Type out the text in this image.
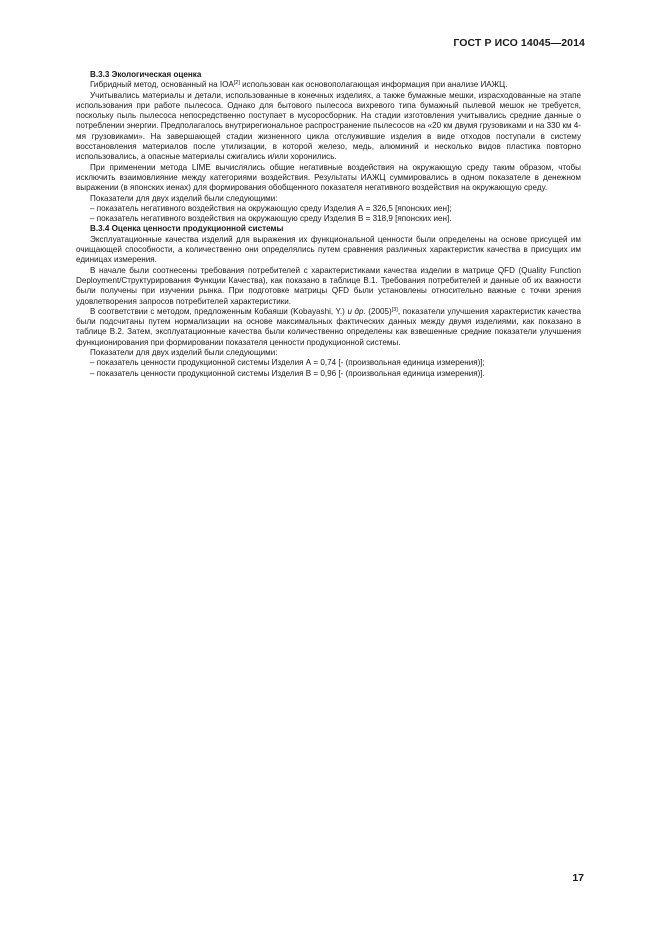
ГОСТ Р ИСО 14045—2014

В.3.3 Экологическая оценка

Гибридный метод, основанный на IOA[2] использован как основополагающая информация при анализе ИАЖЦ.

Учитывались материалы и детали, использованные в конечных изделиях, а также бумажные мешки, израсходованные на этапе использования при работе пылесоса. Однако для бытового пылесоса вихревого типа бумажный пылевой мешок не требуется, поскольку пыль пылесоса непосредственно поступает в мусоросборник. На стадии изготовления учитывались средние данные о потреблении энергии. Предполагалось внутрирегиональное распространение пылесосов на «20 км двумя грузовиками и на 330 км 4-мя грузовиками». На завершающей стадии жизненного цикла отслужившие изделия в виде отходов поступали в систему восстановления материалов после утилизации, в которой железо, медь, алюминий и несколько видов пластика повторно использовались, а опасные материалы сжигались и/или хоронились.

При применении метода LIME вычислялись общие негативные воздействия на окружающую среду таким образом, чтобы исключить взаимовлияние между категориями воздействия. Результаты ИАЖЦ суммировались в одном показателе в денежном выражении (в японских иенах) для формирования обобщенного показателя негативного воздействия на окружающую среду.

Показатели для двух изделий были следующими:

– показатель негативного воздействия на окружающую среду Изделия А = 326,5 [японских иен];

– показатель негативного воздействия на окружающую среду Изделия В = 318,9 [японских иен].

В.3.4 Оценка ценности продукционной системы

Эксплуатационные качества изделий для выражения их функциональной ценности были определены на основе присущей им очищающей способности, а количественно они определялись путем сравнения различных характеристик качества в присущих им единицах измерения.

В начале были соотнесены требования потребителей с характеристиками качества изделии в матрице QFD (Quality Function Deployment/Структурирования Функции Качества), как показано в таблице В.1. Требования потребителей и данные об их важности были получены при изучении рынка. При подготовке матрицы QFD были установлены относительно важные с точки зрения удовлетворения запросов потребителей характеристики.

В соответствии с методом, предложенным Кобаяши (Kobayashi, Y.) и др. (2005)[3], показатели улучшения характеристик качества были подсчитаны путем нормализации на основе максимальных фактических данных между двумя изделиями, как показано в таблице В.2. Затем, эксплуатационные качества были количественно определены как взвешенные средние показатели улучшения функционирования при формировании показателя ценности продукционной системы.

Показатели для двух изделий были следующими:

– показатель ценности продукционной системы Изделия А = 0,74 [- (произвольная единица измерения)];

– показатель ценности продукционной системы Изделия В = 0,96 [- (произвольная единица измерения)].

17
